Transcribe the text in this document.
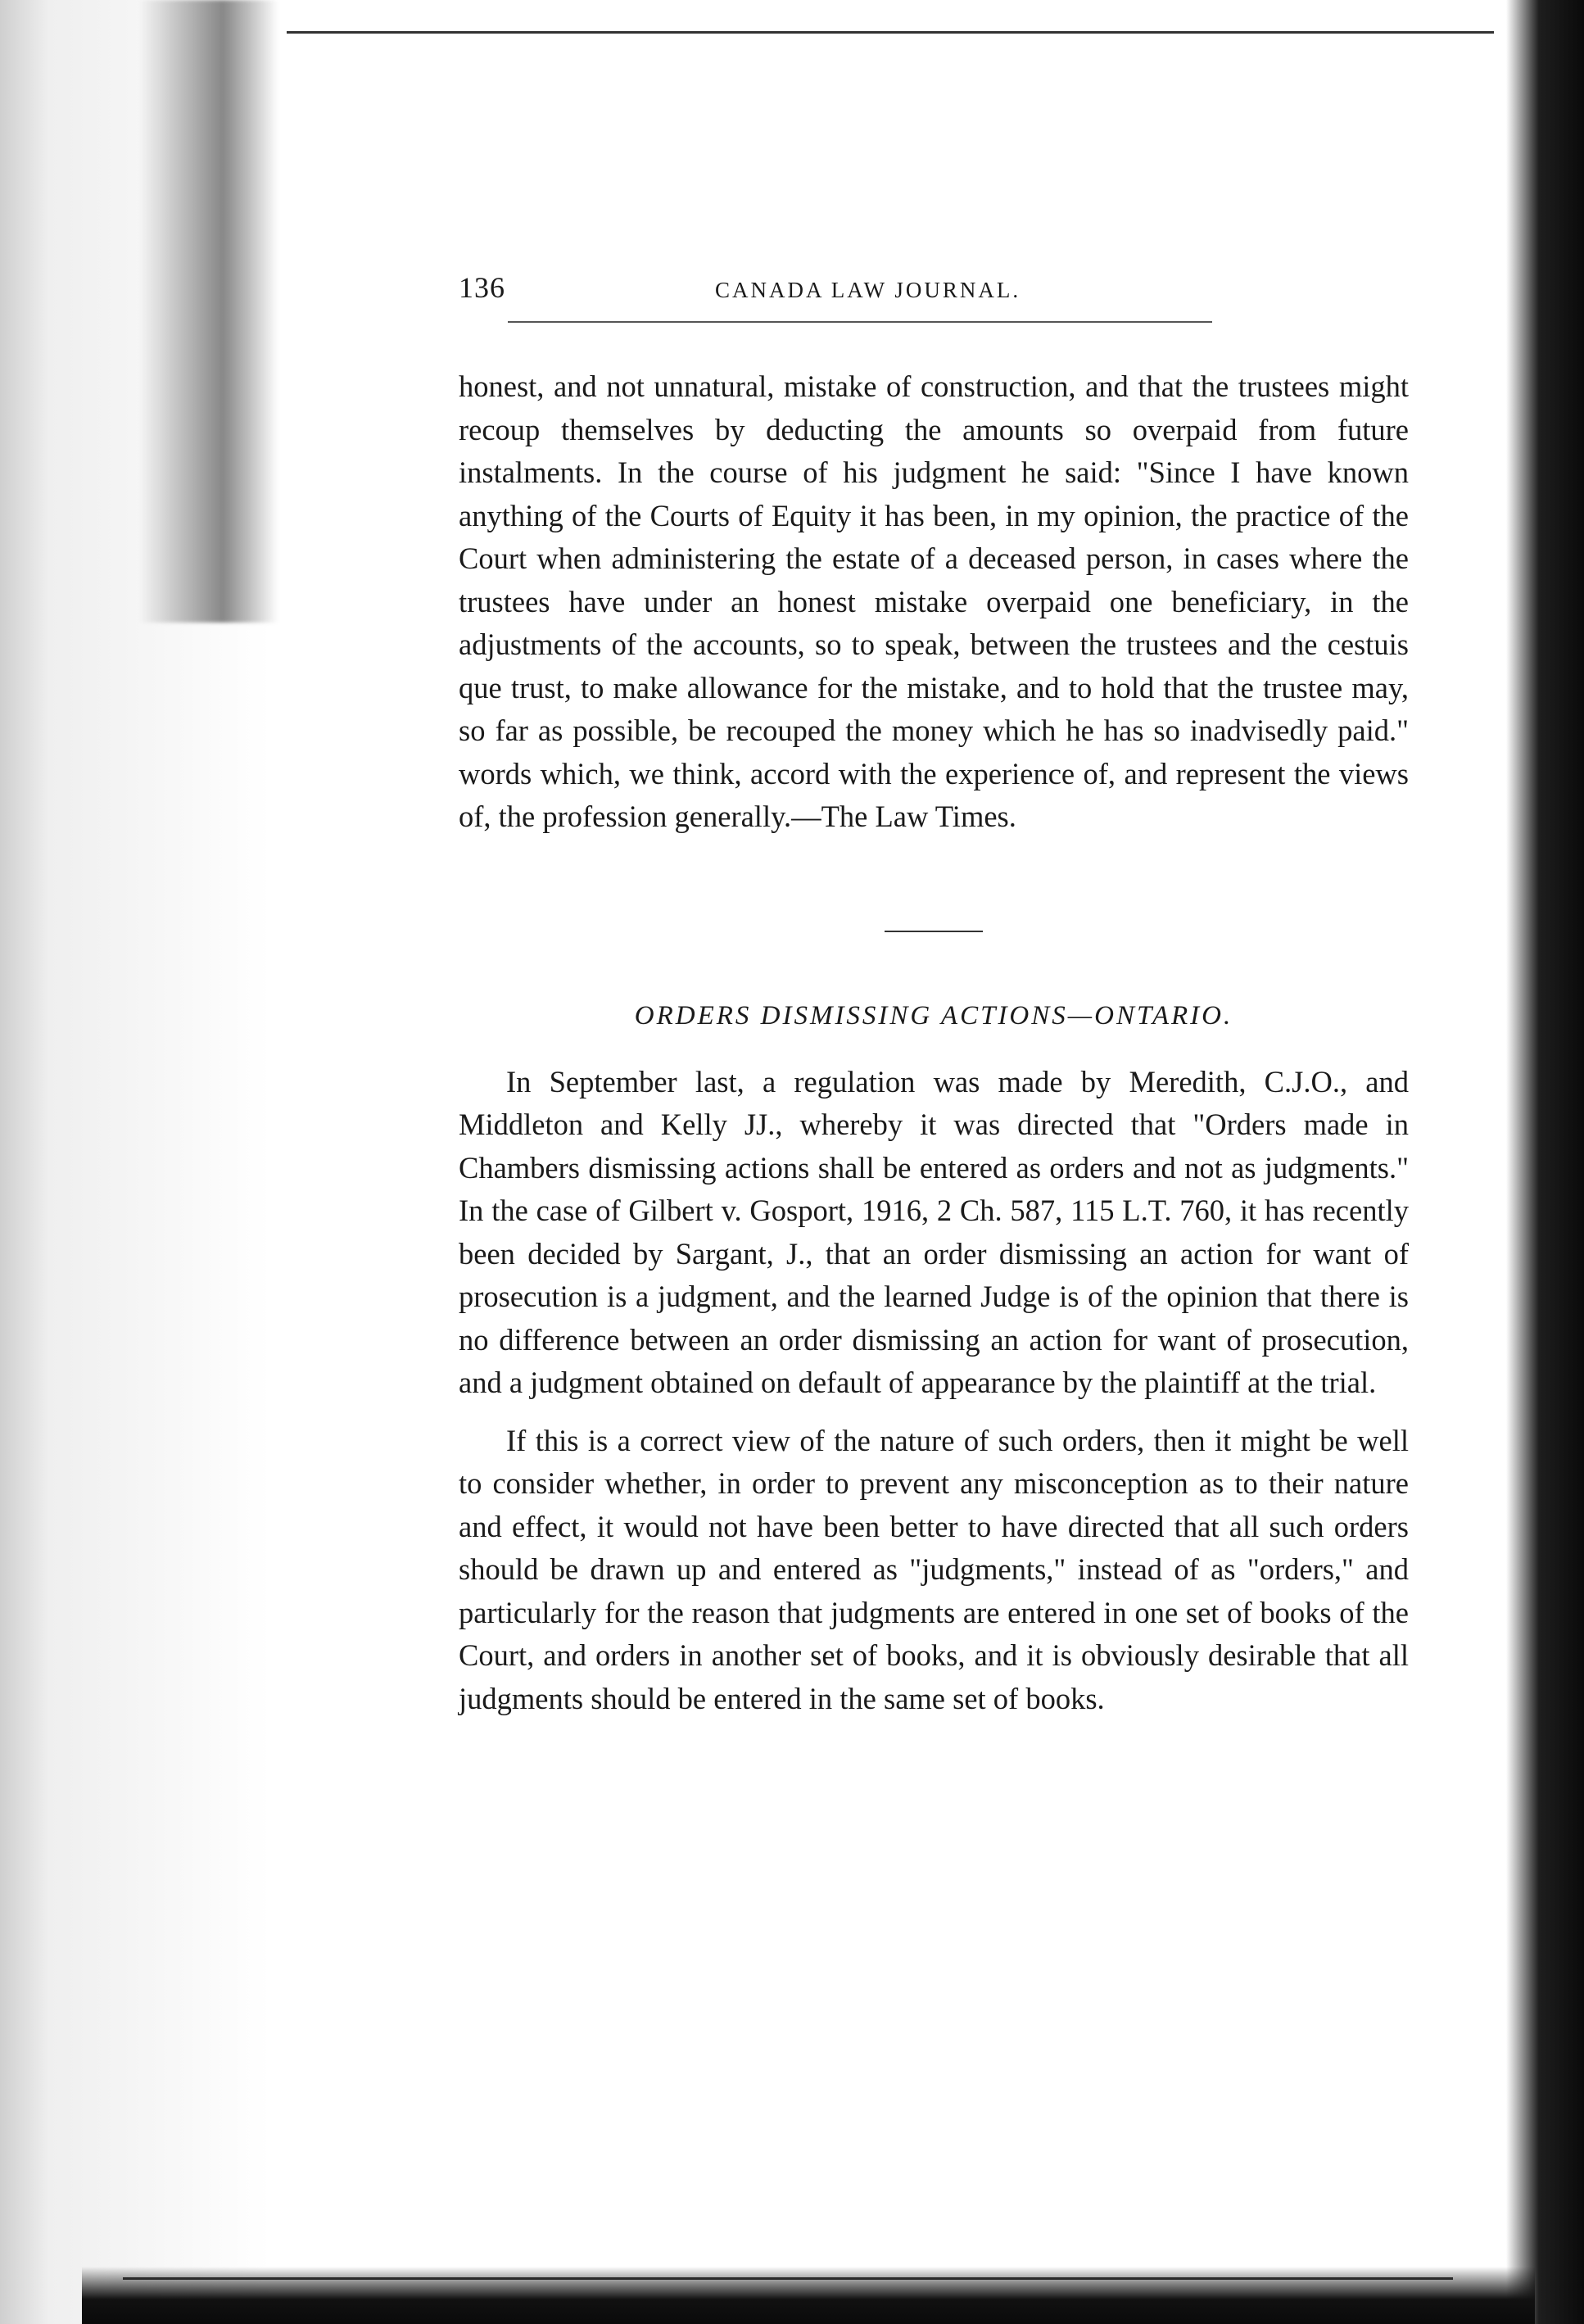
136	CANADA LAW JOURNAL.

honest, and not unnatural, mistake of construction, and that the trustees might recoup themselves by deducting the amounts so overpaid from future instalments. In the course of his judgment he said: "Since I have known anything of the Courts of Equity it has been, in my opinion, the practice of the Court when administering the estate of a deceased person, in cases where the trustees have under an honest mistake overpaid one beneficiary, in the adjustments of the accounts, so to speak, between the trustees and the cestuis que trust, to make allowance for the mistake, and to hold that the trustee may, so far as possible, be recouped the money which he has so inadvisedly paid." words which, we think, accord with the experience of, and represent the views of, the profession generally.—The Law Times.

ORDERS DISMISSING ACTIONS—ONTARIO.

In September last, a regulation was made by Meredith, C.J.O., and Middleton and Kelly JJ., whereby it was directed that "Orders made in Chambers dismissing actions shall be entered as orders and not as judgments." In the case of Gilbert v. Gosport, 1916, 2 Ch. 587, 115 L.T. 760, it has recently been decided by Sargant, J., that an order dismissing an action for want of prosecution is a judgment, and the learned Judge is of the opinion that there is no difference between an order dismissing an action for want of prosecution, and a judgment obtained on default of appearance by the plaintiff at the trial.

If this is a correct view of the nature of such orders, then it might be well to consider whether, in order to prevent any misconception as to their nature and effect, it would not have been better to have directed that all such orders should be drawn up and entered as "judgments," instead of as "orders," and particularly for the reason that judgments are entered in one set of books of the Court, and orders in another set of books, and it is obviously desirable that all judgments should be entered in the same set of books.
